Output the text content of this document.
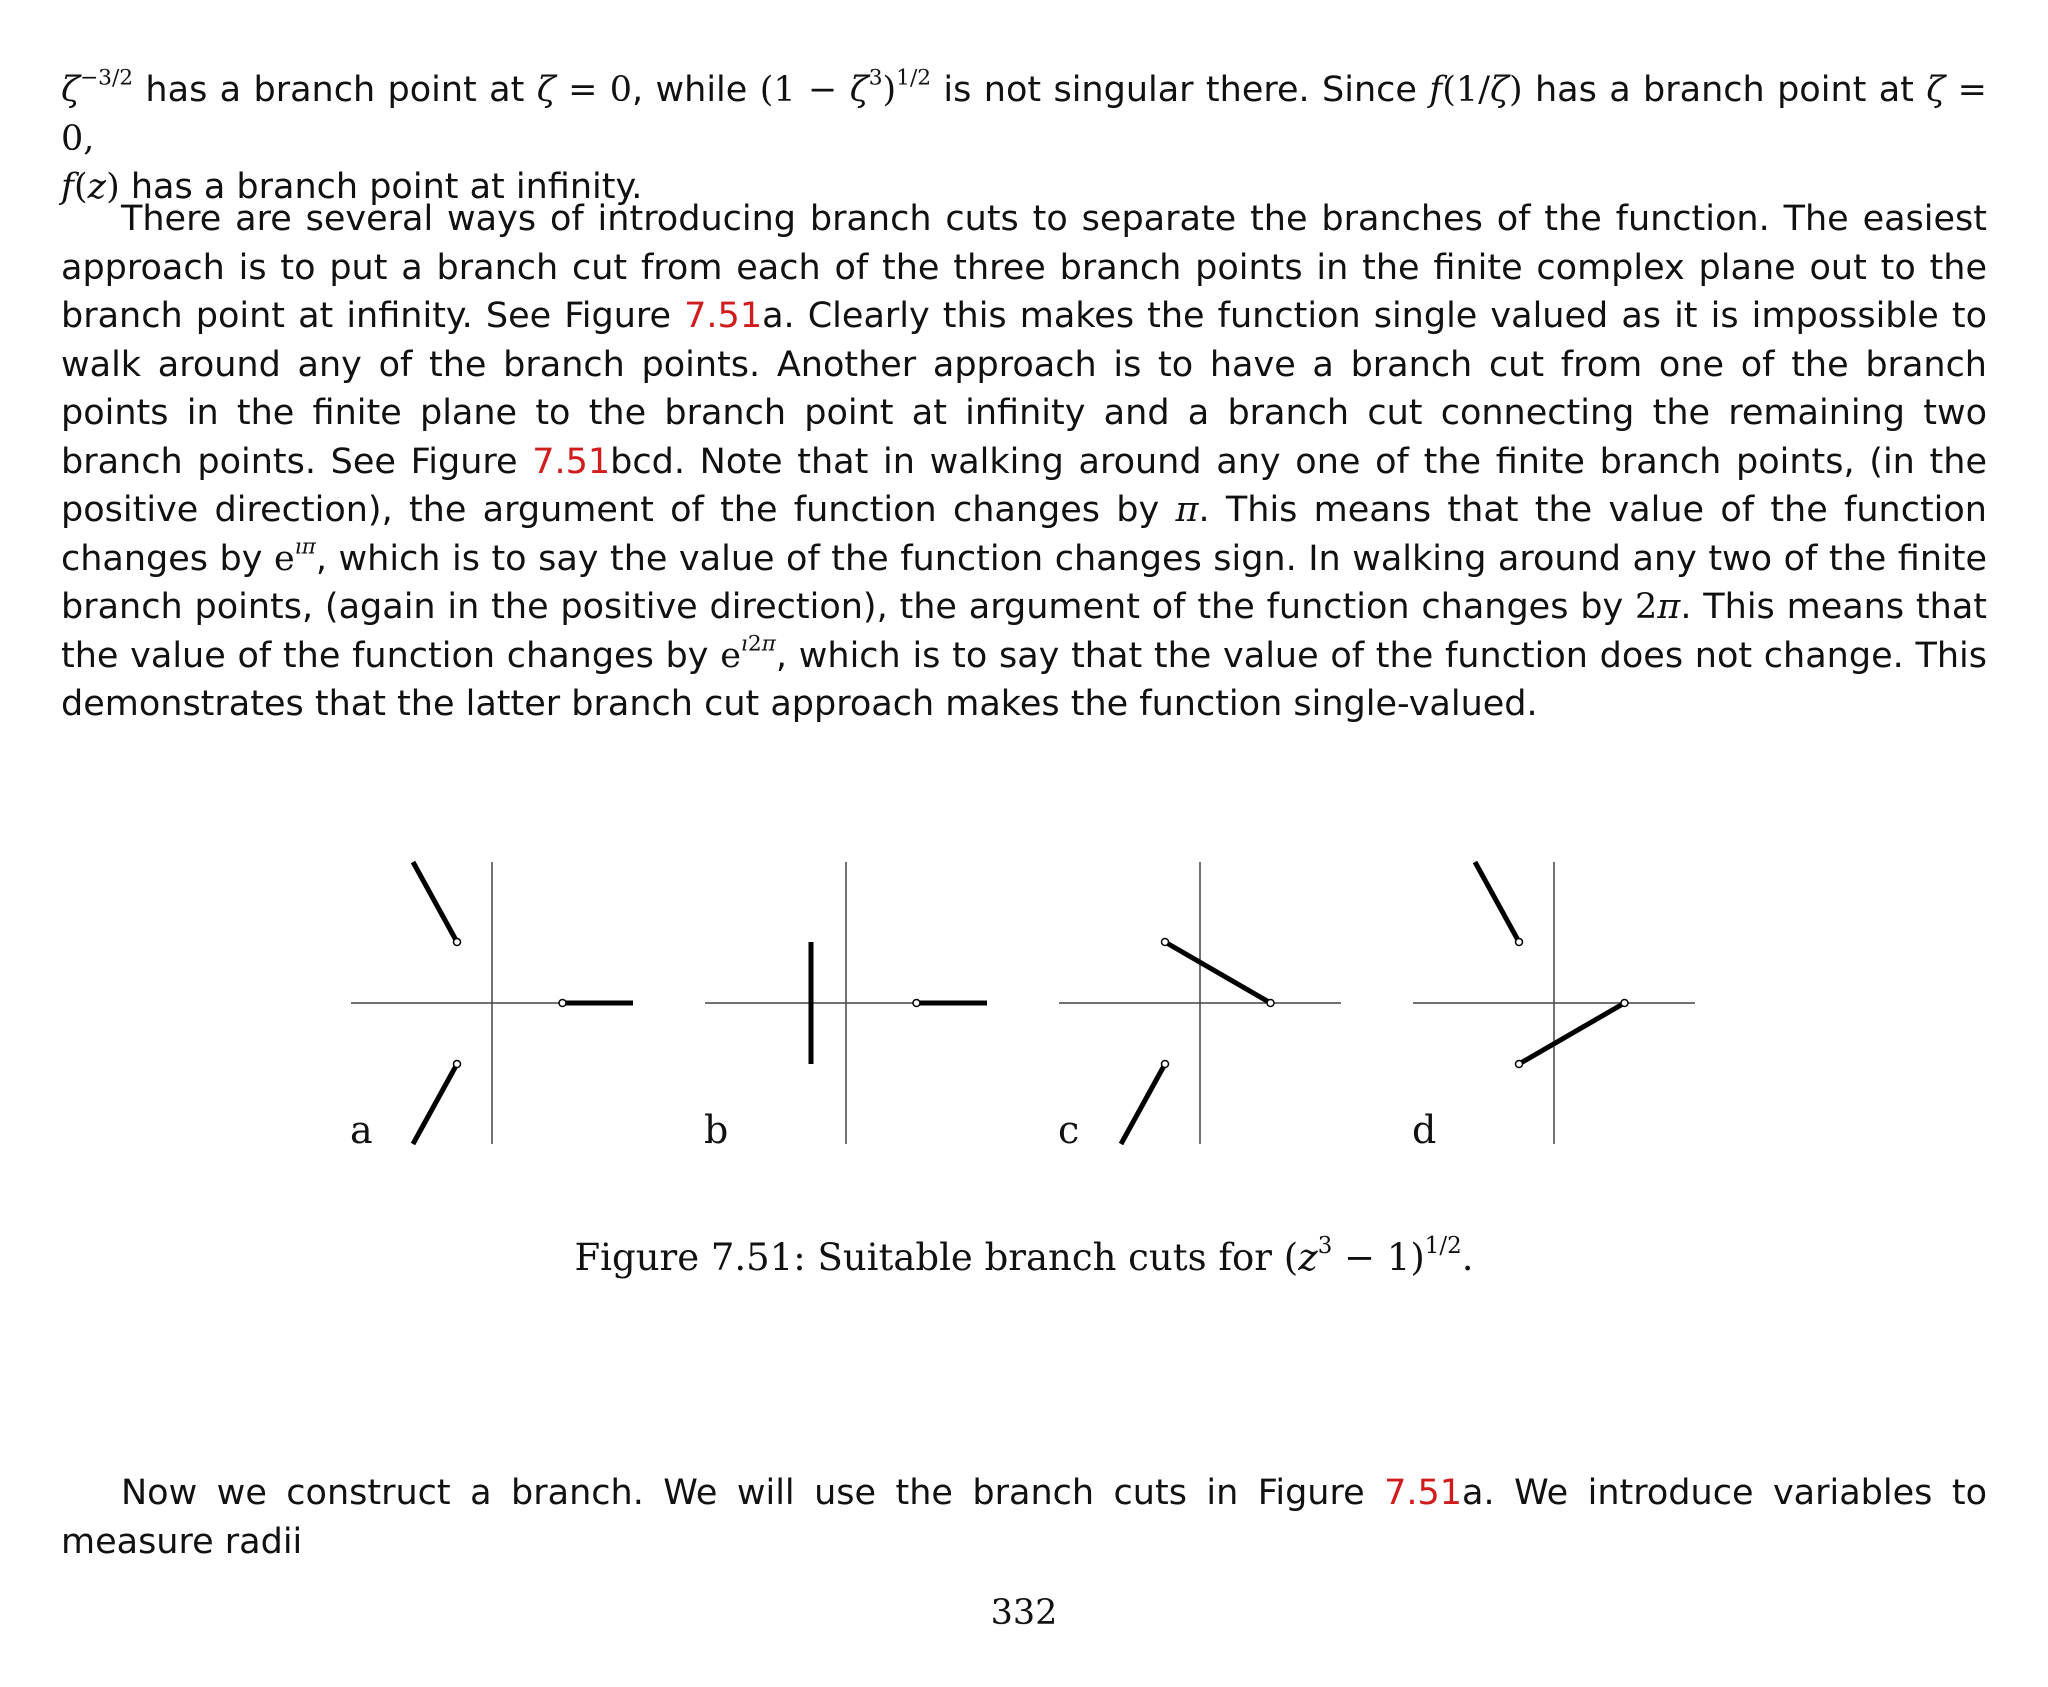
$\zeta^{-3/2}$ has a branch point at ζ = 0, while $(1 - \zeta^3)^{1/2}$ is not singular there. Since f(1/ζ) has a branch point at ζ = 0,
f(z) has a branch point at infinity.

There are several ways of introducing branch cuts to separate the branches of the function. The easiest approach is to put a branch cut from each of the three branch points in the finite complex plane out to the branch point at infinity. See Figure 7.51a. Clearly this makes the function single valued as it is impossible to walk around any of the branch points. Another approach is to have a branch cut from one of the branch points in the finite plane to the branch point at infinity and a branch cut connecting the remaining two branch points. See Figure 7.51bcd. Note that in walking around any one of the finite branch points, (in the positive direction), the argument of the function changes by π. This means that the value of the function changes by $e^{ı\pi}$, which is to say the value of the function changes sign. In walking around any two of the finite branch points, (again in the positive direction), the argument of the function changes by 2π. This means that the value of the function changes by $e^{ı2\pi}$, which is to say that the value of the function does not change. This demonstrates that the latter branch cut approach makes the function single-valued.

a	b	c	d
Figure 7.51: Suitable branch cuts for $(z^3 - 1)^{1/2}$.

Now we construct a branch. We will use the branch cuts in Figure 7.51a. We introduce variables to measure radii

332
